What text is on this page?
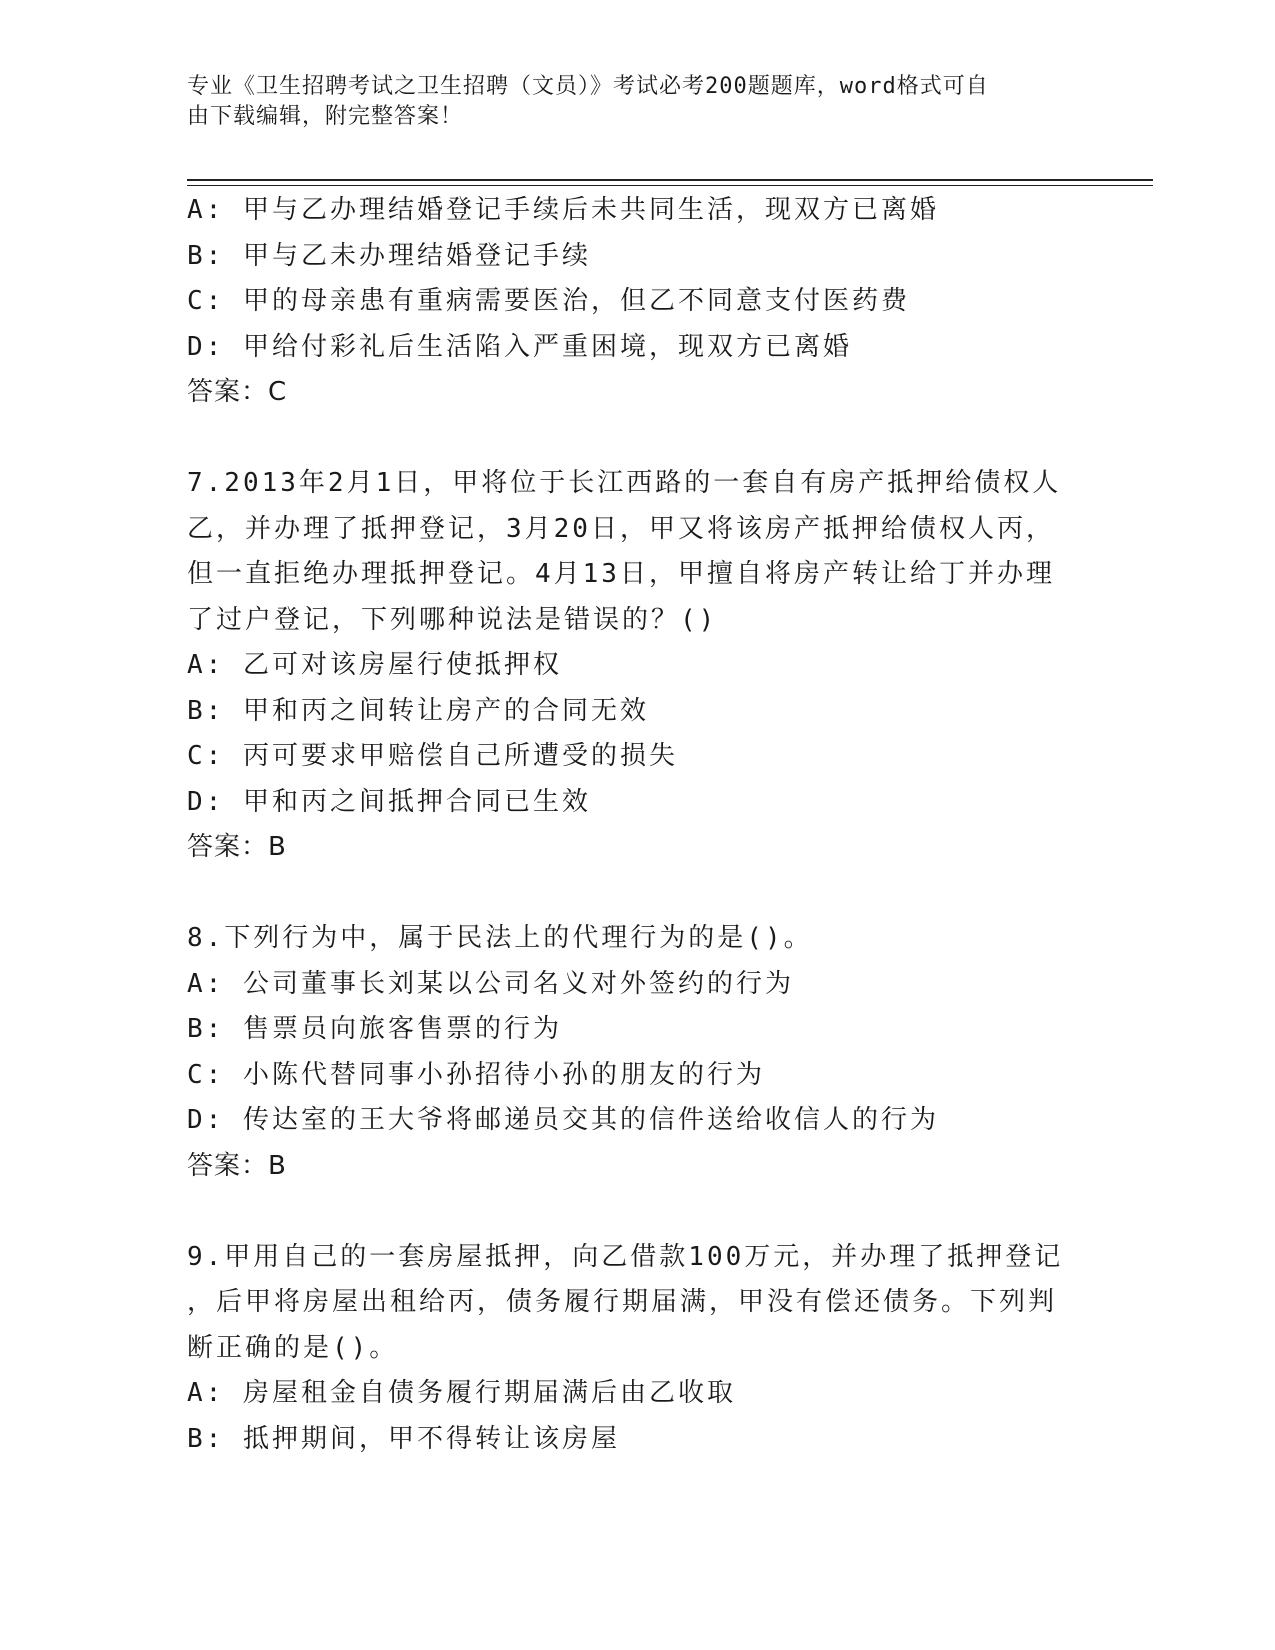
专业《卫生招聘考试之卫生招聘（文员）》考试必考200题题库，word格式可自
由下载编辑，附完整答案！
A: 甲与乙办理结婚登记手续后未共同生活，现双方已离婚
B: 甲与乙未办理结婚登记手续
C: 甲的母亲患有重病需要医治，但乙不同意支付医药费
D: 甲给付彩礼后生活陷入严重困境，现双方已离婚
答案：C
7.2013年2月1日，甲将位于长江西路的一套自有房产抵押给债权人
乙，并办理了抵押登记，3月20日，甲又将该房产抵押给债权人丙，
但一直拒绝办理抵押登记。4月13日，甲擅自将房产转让给丁并办理
了过户登记，下列哪种说法是错误的？()
A: 乙可对该房屋行使抵押权
B: 甲和丙之间转让房产的合同无效
C: 丙可要求甲赔偿自己所遭受的损失
D: 甲和丙之间抵押合同已生效
答案：B
8.下列行为中，属于民法上的代理行为的是()。
A: 公司董事长刘某以公司名义对外签约的行为
B: 售票员向旅客售票的行为
C: 小陈代替同事小孙招待小孙的朋友的行为
D: 传达室的王大爷将邮递员交其的信件送给收信人的行为
答案：B
9.甲用自己的一套房屋抵押，向乙借款100万元，并办理了抵押登记
，后甲将房屋出租给丙，债务履行期届满，甲没有偿还债务。下列判
断正确的是()。
A: 房屋租金自债务履行期届满后由乙收取
B: 抵押期间，甲不得转让该房屋
